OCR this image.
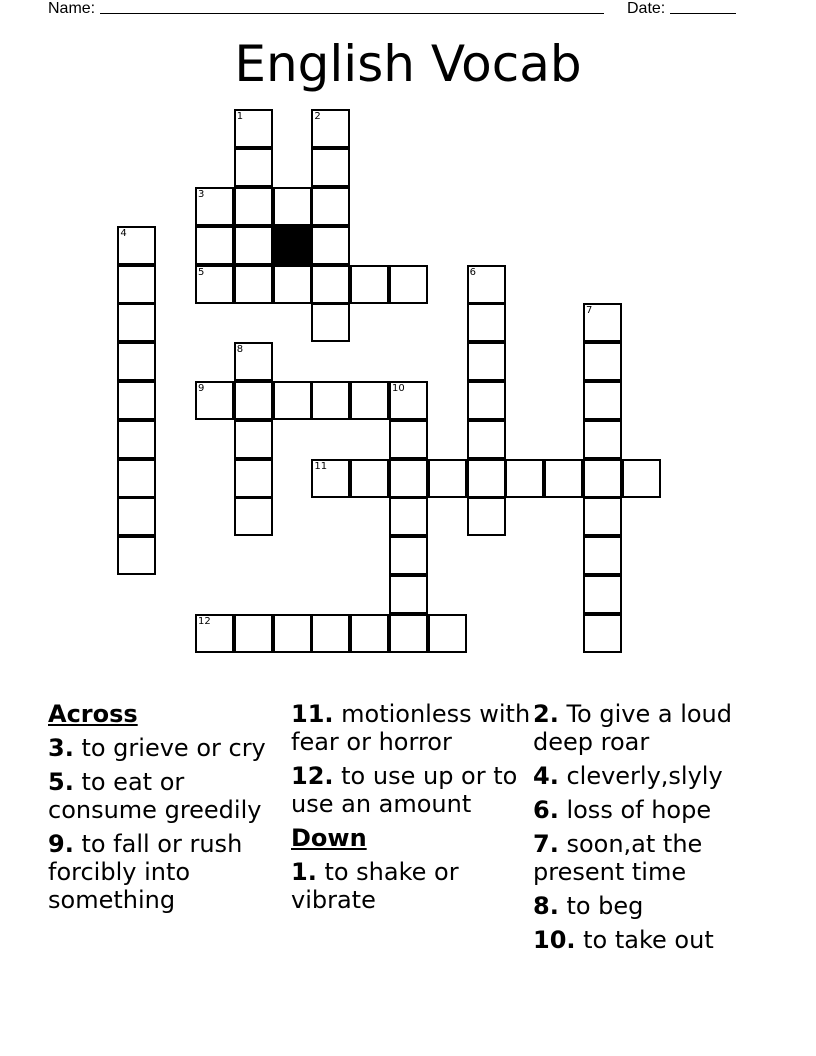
Name:	Date:
English Vocab
1	2
3
4
5	6
7
8
9	10
11
12
Across
3. to grieve or cry
5. to eat or consume greedily
9. to fall or rush forcibly into something
11. motionless with fear or horror
12. to use up or to use an amount
Down
1. to shake or vibrate
2. To give a loud deep roar
4. cleverly,slyly
6. loss of hope
7. soon,at the present time
8. to beg
10. to take out
